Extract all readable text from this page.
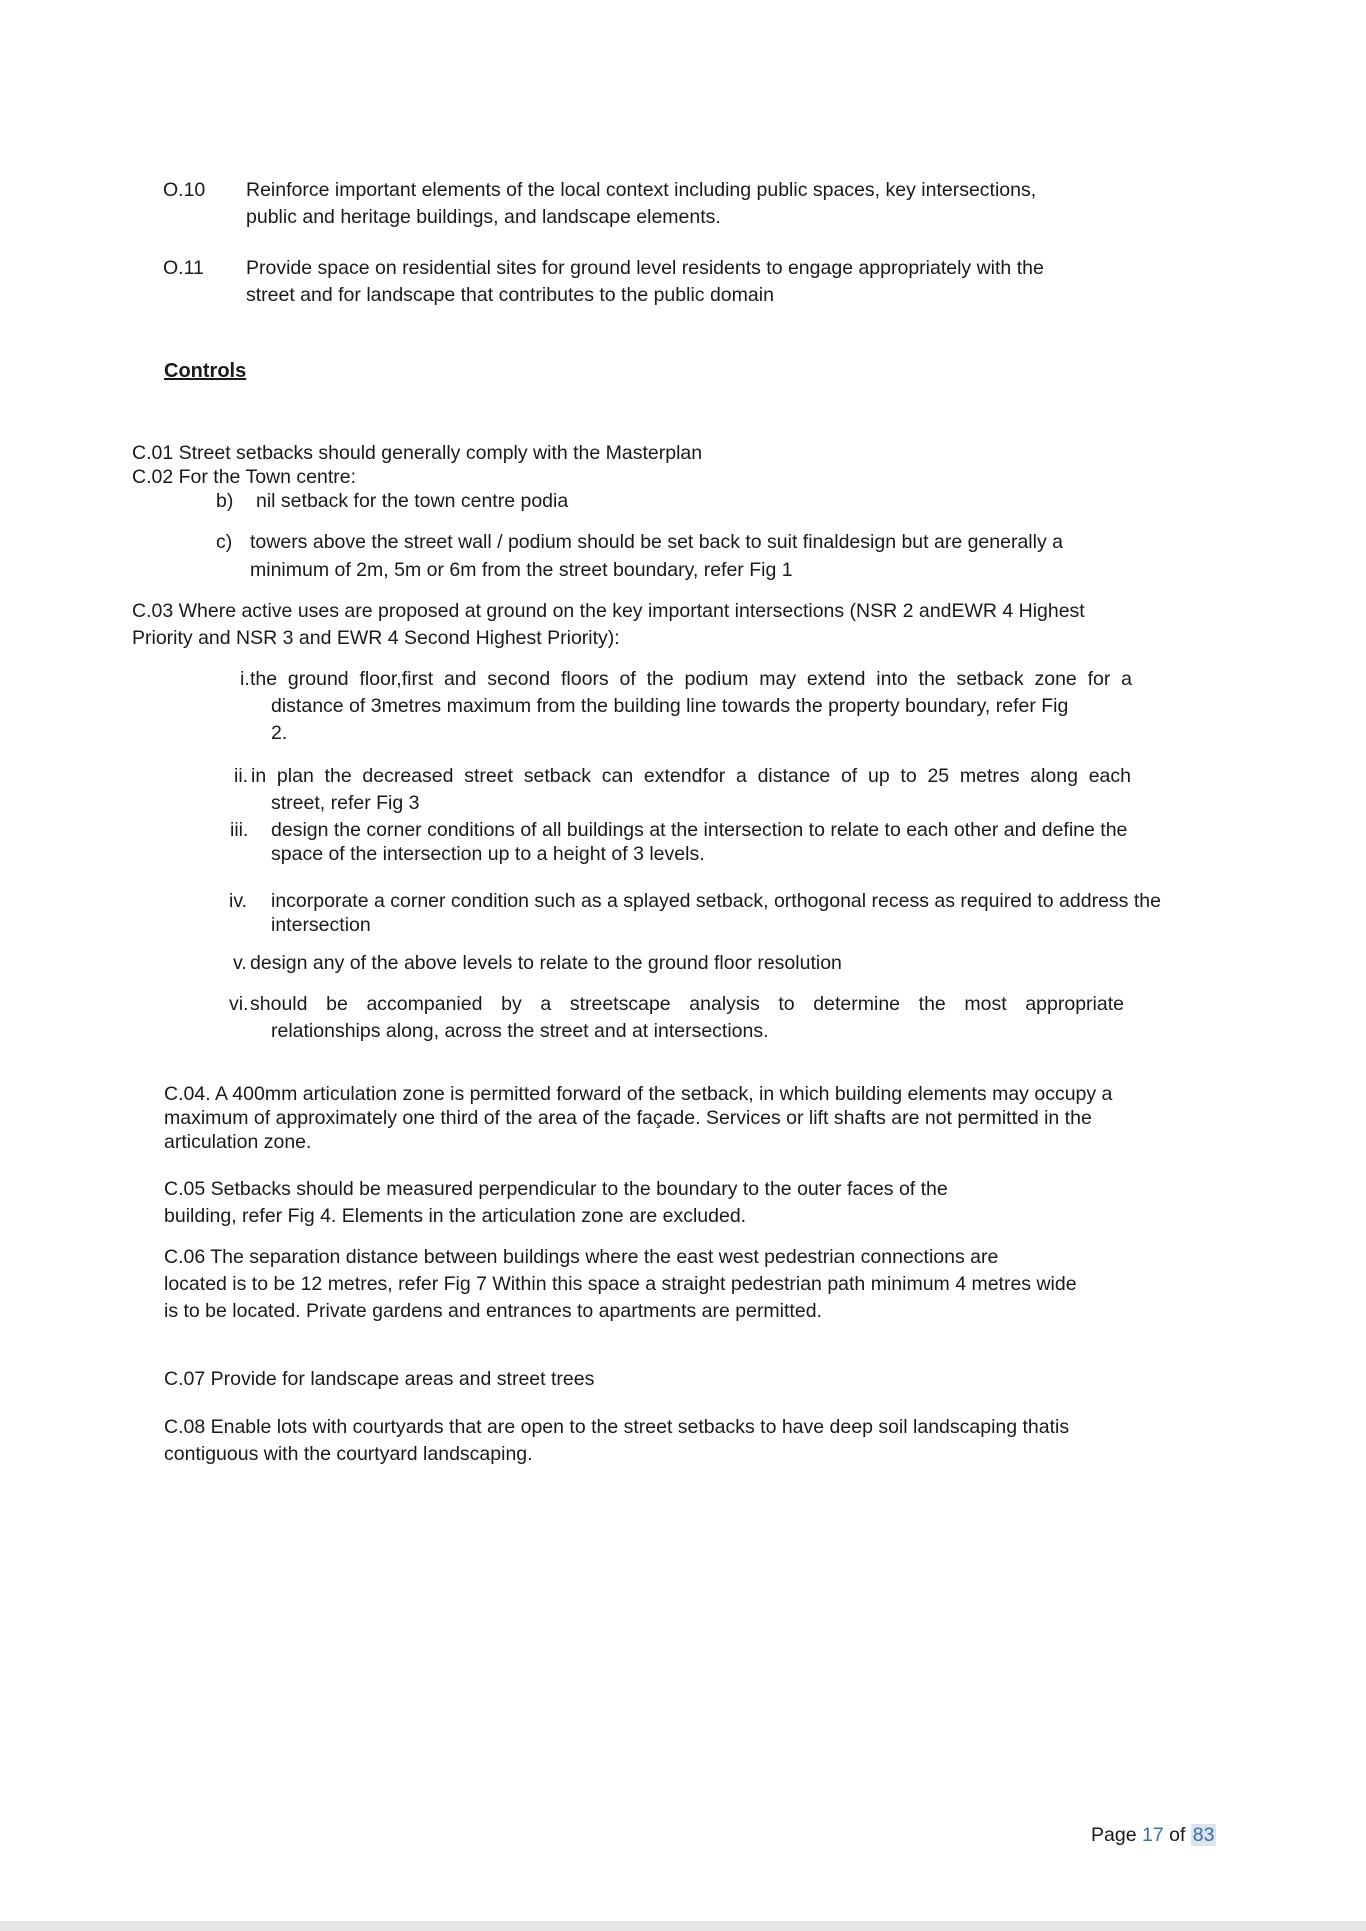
O.10 Reinforce important elements of the local context including public spaces, key intersections,
public and heritage buildings, and landscape elements.
O.11 Provide space on residential sites for ground level residents to engage appropriately with the
street and for landscape that contributes to the public domain
Controls
C.01 Street setbacks should generally comply with the Masterplan
C.02 For the Town centre:
b) nil setback for the town centre podia
c) towers above the street wall / podium should be set back to suit finaldesign but are generally a
minimum of 2m, 5m or 6m from the street boundary, refer Fig 1
C.03 Where active uses are proposed at ground on the key important intersections (NSR 2 andEWR 4 Highest
Priority and NSR 3 and EWR 4 Second Highest Priority):
i. the ground floor,first and second floors of the podium may extend into the setback zone for a
distance of 3metres maximum from the building line towards the property boundary, refer Fig
2.
ii. in plan the decreased street setback can extendfor a distance of up to 25 metres along each
street, refer Fig 3
iii. design the corner conditions of all buildings at the intersection to relate to each other and define the
space of the intersection up to a height of 3 levels.
iv. incorporate a corner condition such as a splayed setback, orthogonal recess as required to address the
intersection
v. design any of the above levels to relate to the ground floor resolution
vi. should be accompanied by a streetscape analysis to determine the most appropriate
relationships along, across the street and at intersections.
C.04. A 400mm articulation zone is permitted forward of the setback, in which building elements may occupy a
maximum of approximately one third of the area of the façade. Services or lift shafts are not permitted in the
articulation zone.
C.05 Setbacks should be measured perpendicular to the boundary to the outer faces of the
building, refer Fig 4. Elements in the articulation zone are excluded.
C.06 The separation distance between buildings where the east west pedestrian connections are
located is to be 12 metres, refer Fig 7 Within this space a straight pedestrian path minimum 4 metres wide
is to be located. Private gardens and entrances to apartments are permitted.
C.07 Provide for landscape areas and street trees
C.08 Enable lots with courtyards that are open to the street setbacks to have deep soil landscaping thatis
contiguous with the courtyard landscaping.
Page 17 of 83
